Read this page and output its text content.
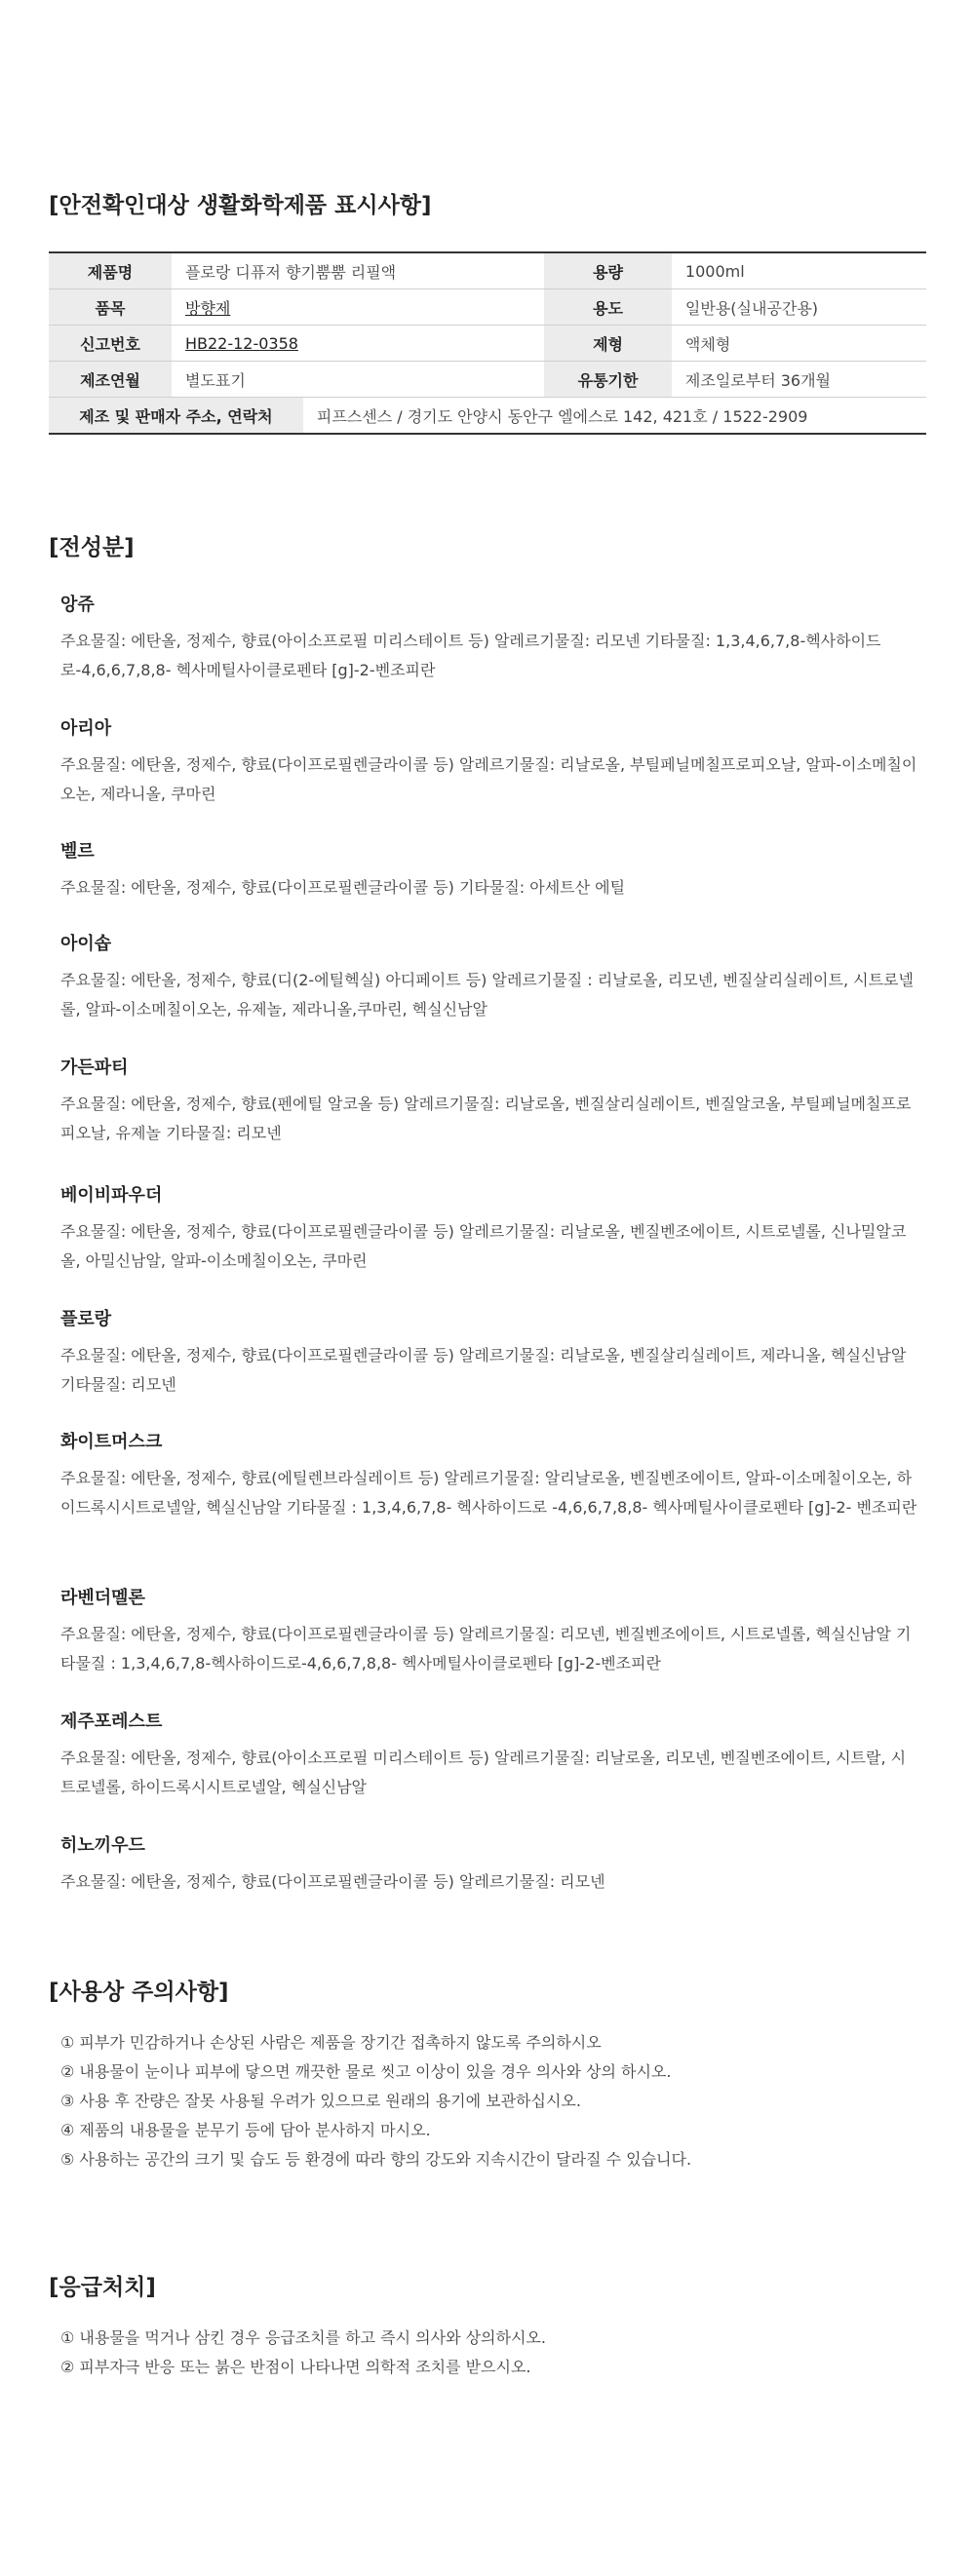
[안전확인대상 생활화학제품 표시사항]
제품명	플로랑 디퓨저 향기뿜뿜 리필액	용량	1000ml
품목	방향제	용도	일반용(실내공간용)
신고번호	HB22-12-0358	제형	액체형
제조연월	별도표기	유통기한	제조일로부터 36개월
제조 및 판매자 주소, 연락처	피프스센스 / 경기도 안양시 동안구 엘에스로 142, 421호 / 1522-2909
[전성분]

앙쥬

주요물질: 에탄올, 정제수, 향료(아이소프로필 미리스테이트 등) 알레르기물질: 리모넨 기타물질: 1,3,4,6,7,8-헥사하이드로-4,6,6,7,8,8- 헥사메틸사이클로펜타 [g]-2-벤조피란

아리아

주요물질: 에탄올, 정제수, 향료(다이프로필렌글라이콜 등) 알레르기물질: 리날로올, 부틸페닐메칠프로피오날, 알파-이소메칠이오논, 제라니올, 쿠마린

벨르

주요물질: 에탄올, 정제수, 향료(다이프로필렌글라이콜 등) 기타물질: 아세트산 에틸

아이솝

주요물질: 에탄올, 정제수, 향료(디(2-에틸헥실) 아디페이트 등) 알레르기물질 : 리날로올, 리모넨, 벤질살리실레이트, 시트로넬롤, 알파-이소메칠이오논, 유제놀, 제라니올,쿠마린, 헥실신남알

가든파티

주요물질: 에탄올, 정제수, 향료(펜에틸 알코올 등) 알레르기물질: 리날로올, 벤질살리실레이트, 벤질알코올, 부틸페닐메칠프로피오날, 유제놀 기타물질: 리모넨

베이비파우더

주요물질: 에탄올, 정제수, 향료(다이프로필렌글라이콜 등) 알레르기물질: 리날로올, 벤질벤조에이트, 시트로넬롤, 신나밀알코올, 아밀신남알, 알파-이소메칠이오논, 쿠마린

플로랑

주요물질: 에탄올, 정제수, 향료(다이프로필렌글라이콜 등) 알레르기물질: 리날로올, 벤질살리실레이트, 제라니올, 헥실신남알 기타물질: 리모넨

화이트머스크

주요물질: 에탄올, 정제수, 향료(에틸렌브라실레이트 등) 알레르기물질: 알리날로올, 벤질벤조에이트, 알파-이소메칠이오논, 하이드록시시트로넬알, 헥실신남알 기타물질 : 1,3,4,6,7,8- 헥사하이드로 -4,6,6,7,8,8- 헥사메틸사이클로펜타 [g]-2- 벤조피란

라벤더멜론

주요물질: 에탄올, 정제수, 향료(다이프로필렌글라이콜 등) 알레르기물질: 리모넨, 벤질벤조에이트, 시트로넬롤, 헥실신남알 기타물질 : 1,3,4,6,7,8-헥사하이드로-4,6,6,7,8,8- 헥사메틸사이클로펜타 [g]-2-벤조피란

제주포레스트

주요물질: 에탄올, 정제수, 향료(아이소프로필 미리스테이트 등) 알레르기물질: 리날로올, 리모넨, 벤질벤조에이트, 시트랄, 시트로넬롤, 하이드록시시트로넬알, 헥실신남알

히노끼우드

주요물질: 에탄올, 정제수, 향료(다이프로필렌글라이콜 등) 알레르기물질: 리모넨

[사용상 주의사항]
① 피부가 민감하거나 손상된 사람은 제품을 장기간 접촉하지 않도록 주의하시오
② 내용물이 눈이나 피부에 닿으면 깨끗한 물로 씻고 이상이 있을 경우 의사와 상의 하시오.
③ 사용 후 잔량은 잘못 사용될 우려가 있으므로 원래의 용기에 보관하십시오.
④ 제품의 내용물을 분무기 등에 담아 분사하지 마시오.
⑤ 사용하는 공간의 크기 및 습도 등 환경에 따라 향의 강도와 지속시간이 달라질 수 있습니다.
[응급처치]
① 내용물을 먹거나 삼킨 경우 응급조치를 하고 즉시 의사와 상의하시오.
② 피부자극 반응 또는 붉은 반점이 나타나면 의학적 조치를 받으시오.
